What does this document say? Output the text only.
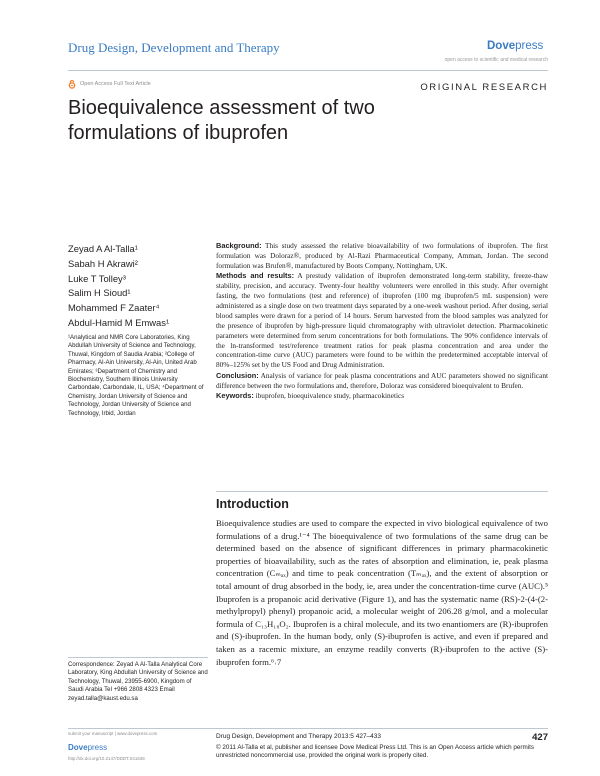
Drug Design, Development and Therapy	Dovepress
open access to scientific and medical research
Open Access Full Text Article	ORIGINAL RESEARCH
Bioequivalence assessment of two formulations of ibuprofen
Zeyad A Al-Talla¹
Sabah H Akrawi²
Luke T Tolley³
Salim H Sioud¹
Mohammed F Zaater⁴
Abdul-Hamid M Emwas¹
¹Analytical and NMR Core Laboratories, King Abdullah University of Science and Technology, Thuwal, Kingdom of Saudia Arabia; ²College of Pharmacy, Al-Ain University, Al-Ain, United Arab Emirates; ³Department of Chemistry and Biochemistry, Southern Illinois University Carbondale, Carbondale, IL, USA; ⁴Department of Chemistry, Jordan University of Science and Technology, Jordan University of Science and Technology, Irbid, Jordan

Background: This study assessed the relative bioavailability of two formulations of ibuprofen. The first formulation was Doloraz®, produced by Al-Razi Pharmaceutical Company, Amman, Jordan. The second formulation was Brufen®, manufactured by Boots Company, Nottingham, UK.

Methods and results: A prestudy validation of ibuprofen demonstrated long-term stability, freeze-thaw stability, precision, and accuracy. Twenty-four healthy volunteers were enrolled in this study. After overnight fasting, the two formulations (test and reference) of ibuprofen (100 mg ibuprofen/5 mL suspension) were administered as a single dose on two treatment days separated by a one-week washout period. After dosing, serial blood samples were drawn for a period of 14 hours. Serum harvested from the blood samples was analyzed for the presence of ibuprofen by high-pressure liquid chromatography with ultraviolet detection. Pharmacokinetic parameters were determined from serum concentrations for both formulations. The 90% confidence intervals of the ln-transformed test/reference treatment ratios for peak plasma concentration and area under the concentration-time curve (AUC) parameters were found to be within the predetermined acceptable interval of 80%–125% set by the US Food and Drug Administration.

Conclusion: Analysis of variance for peak plasma concentrations and AUC parameters showed no significant difference between the two formulations and, therefore, Doloraz was considered bioequivalent to Brufen.

Keywords: ibuprofen, bioequivalence study, pharmacokinetics

Introduction

Bioequivalence studies are used to compare the expected in vivo biological equivalence of two formulations of a drug.¹⁻⁴ The bioequivalence of two formulations of the same drug can be determined based on the absence of significant differences in primary pharmacokinetic properties of bioavailability, such as the rates of absorption and elimination, ie, peak plasma concentration (Cₘₐₓ) and time to peak concentration (Tₘₐₓ), and the extent of absorption or total amount of drug absorbed in the body, ie, area under the concentration-time curve (AUC).⁵ Ibuprofen is a propanoic acid derivative (Figure 1), and has the systematic name (RS)-2-(4-(2-methylpropyl) phenyl) propanoic acid, a molecular weight of 206.28 g/mol, and a molecular formula of C₁₃H₁₈O₂. Ibuprofen is a chiral molecule, and its two enantiomers are (R)-ibuprofen and (S)-ibuprofen. In the human body, only (S)-ibuprofen is active, and even if prepared and taken as a racemic mixture, an enzyme readily converts (R)-ibuprofen to the active (S)-ibuprofen form.⁶˒7

Correspondence: Zeyad A Al-Talla Analytical Core Laboratory, King Abdullah University of Science and Technology, Thuwal, 23955-6900, Kingdom of Saudi Arabia Tel +966 2808 4323 Email zeyad.talla@kaust.edu.sa
submit your manuscript | www.dovepress.com
Dovepress
http://dx.doi.org/10.2147/DDDT.S41638
Drug Design, Development and Therapy 2013:5 427–433	427
© 2011 Al-Talla et al, publisher and licensee Dove Medical Press Ltd. This is an Open Access article which permits unrestricted noncommercial use, provided the original work is properly cited.
